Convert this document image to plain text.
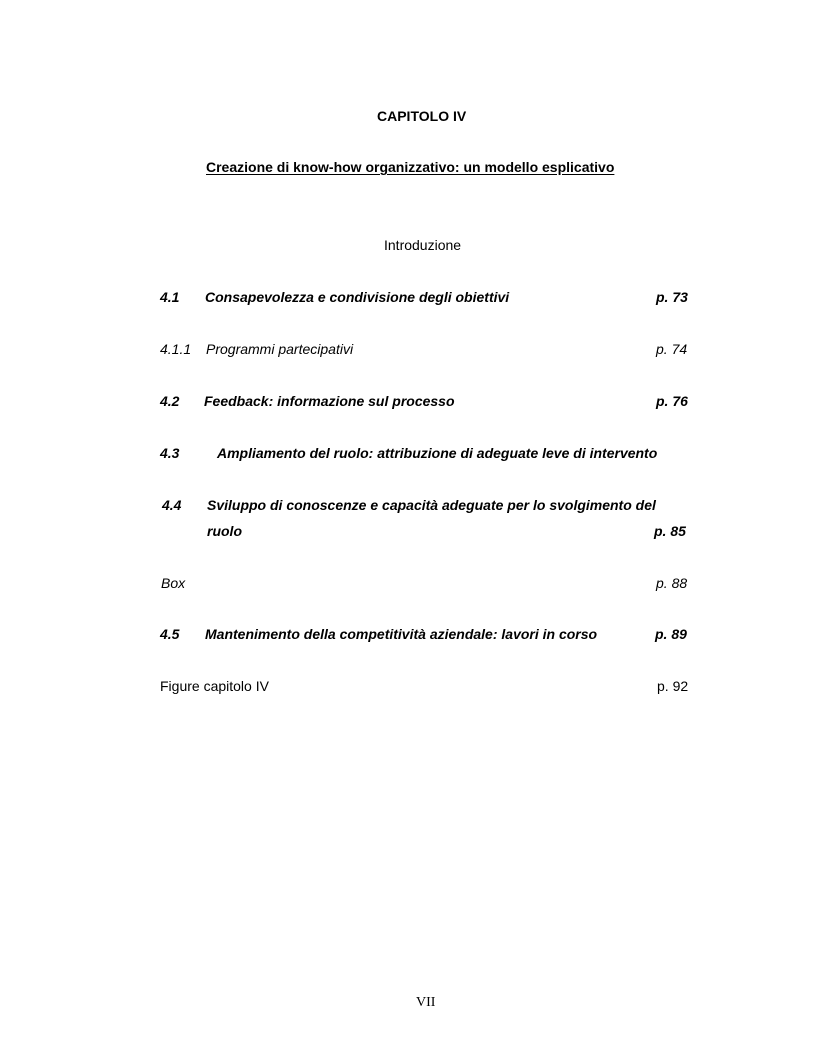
CAPITOLO IV
Creazione di know-how organizzativo: un modello esplicativo
Introduzione
4.1 Consapevolezza e condivisione degli obiettivi	p. 73
4.1.1 Programmi partecipativi	p. 74
4.2 Feedback: informazione sul processo	p. 76
4.3	Ampliamento del ruolo: attribuzione di adeguate leve di intervento
4.4 Sviluppo di conoscenze e capacità adeguate per lo svolgimento del
ruolo	p. 85
Box	p. 88
4.5 Mantenimento della competitività aziendale: lavori in corso	p. 89
Figure capitolo IV	p. 92
VII
